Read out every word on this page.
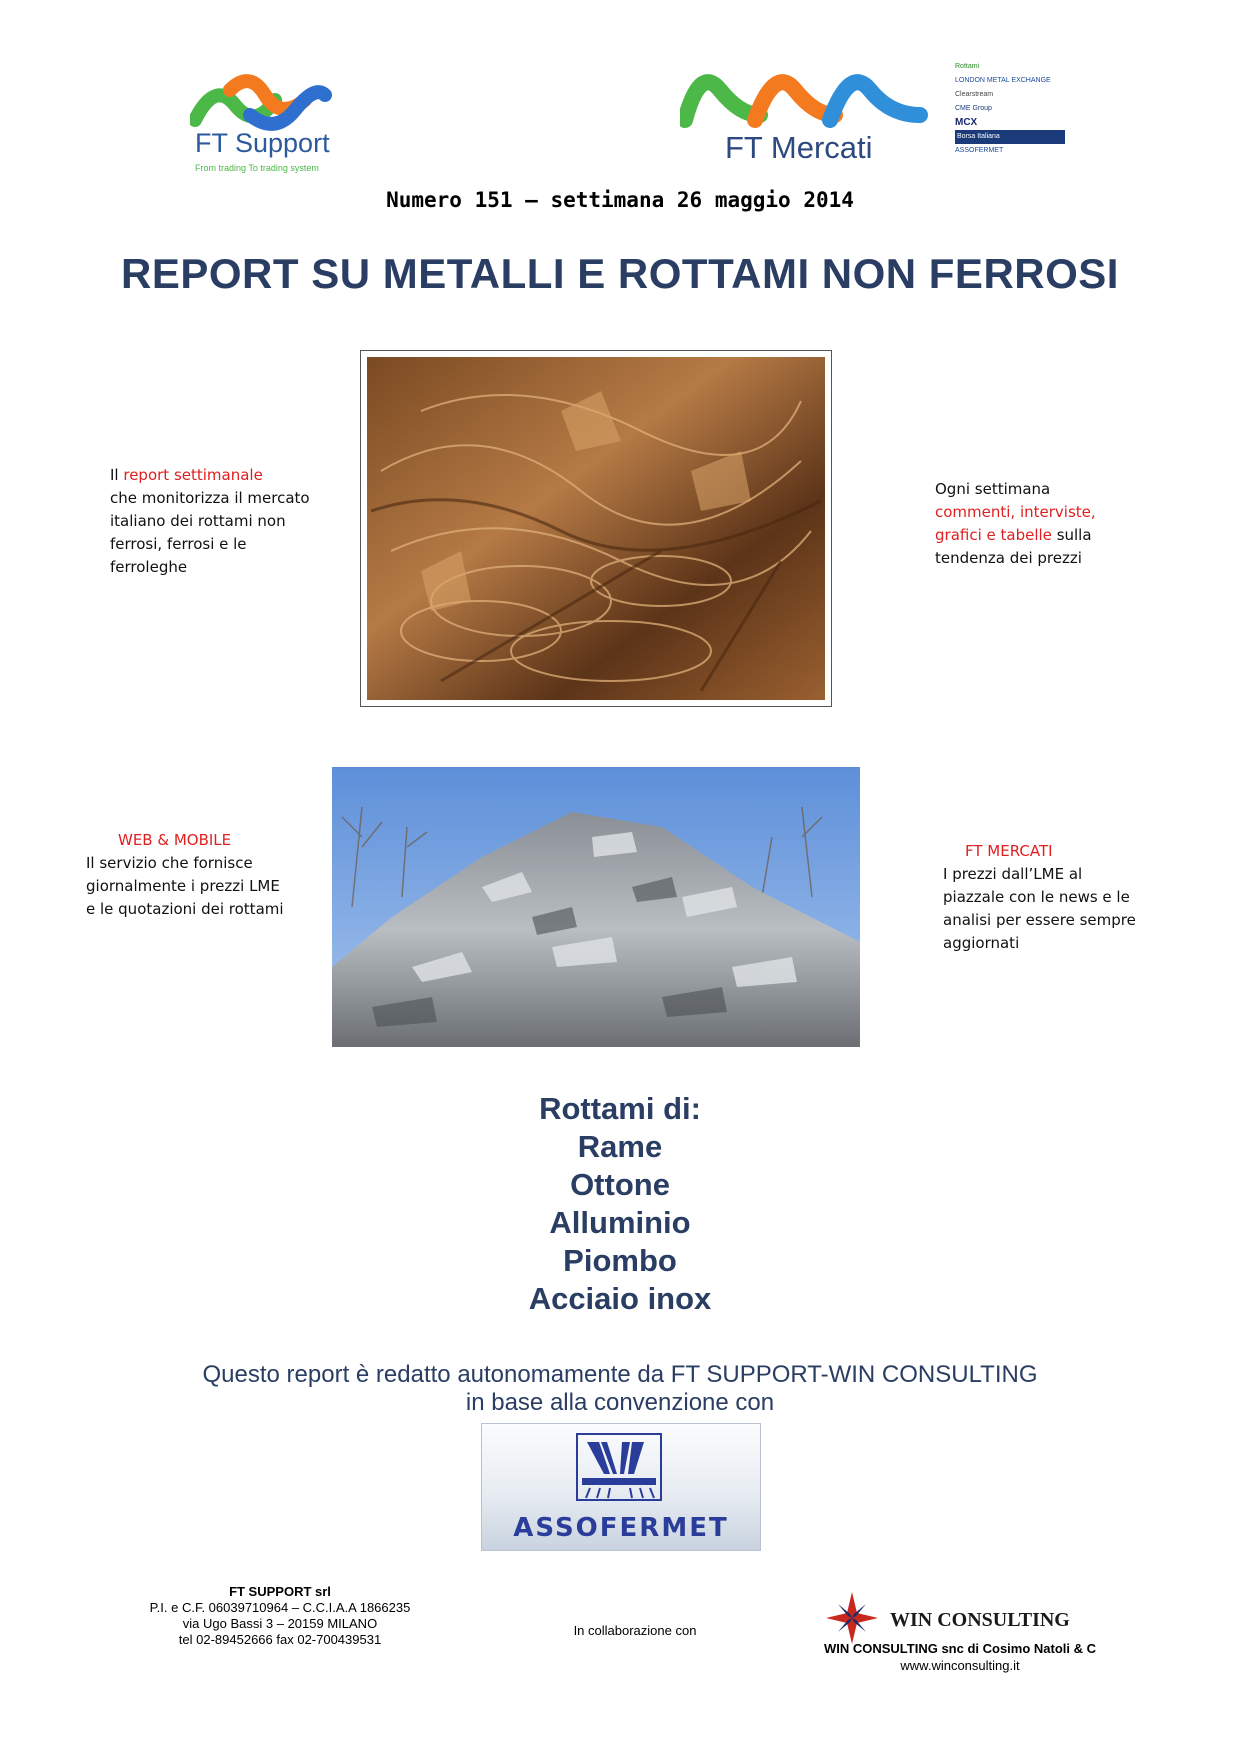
FT Support
From trading To trading system
FT Mercati
Rottami
LONDON METAL EXCHANGE
Clearstream
CME Group
MCX
Borsa Italiana
ASSOFERMET
Numero 151 – settimana 26 maggio 2014
REPORT SU METALLI E ROTTAMI NON FERROSI
Il report settimanale
che monitorizza il mercato italiano dei rottami non ferrosi, ferrosi e le ferroleghe
Ogni settimana
commenti, interviste, grafici e tabelle sulla tendenza dei prezzi
WEB & MOBILE
Il servizio che fornisce giornalmente i prezzi LME e le quotazioni dei rottami
FT MERCATI
I prezzi dall’LME al piazzale con le news e le analisi per essere sempre aggiornati
Rottami di:
Rame
Ottone
Alluminio
Piombo
Acciaio inox
Questo report è redatto autonomamente da FT SUPPORT-WIN CONSULTING
in base alla convenzione con
ASSOFERMET
FT SUPPORT srl
P.I. e C.F. 06039710964 – C.C.I.A.A 1866235
via Ugo Bassi 3 – 20159 MILANO
tel 02-89452666 fax 02-700439531
In collaborazione con	WIN CONSULTING
WIN CONSULTING snc di Cosimo Natoli & C
www.winconsulting.it
